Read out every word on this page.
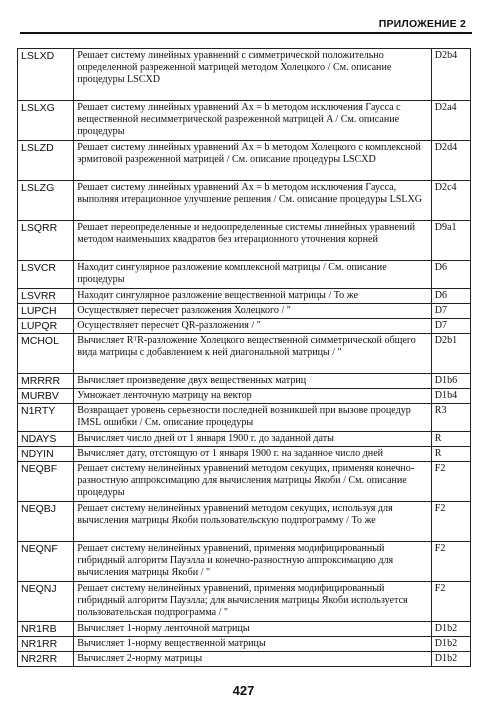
ПРИЛОЖЕНИЕ 2
LSLXD	Решает систему линейных уравнений с симметрической положительно определенной разреженной матрицей методом Холецкого / См. описание процедуры LSCXD	D2b4
LSLXG	Решает систему линейных уравнений Ax = b методом исключения Гаусса с вещественной несимметрической разреженной матрицей A / См. описание процедуры	D2a4
LSLZD	Решает систему линейных уравнений Ax = b методом Холецкого с комплексной эрмитовой разреженной матрицей / См. описание процедуры LSCXD	D2d4
LSLZG	Решает систему линейных уравнений Ax = b методом исключения Гаусса, выполняя итерационное улучшение решения / См. описание процедуры LSLXG	D2c4
LSQRR	Решает переопределенные и недоопределенные системы линейных уравнений методом наименьших квадратов без итерационного уточнения корней	D9a1
LSVCR	Находит сингулярное разложение комплексной матрицы / См. описание процедуры	D6
LSVRR	Находит сингулярное разложение вещественной матрицы / То же	D6
LUPCH	Осуществляет пересчет разложения Холецкого / "	D7
LUPQR	Осуществляет пересчет QR-разложения / "	D7
MCHOL	Вычисляет RᵀR-разложение Холецкого вещественной симметрической общего вида матрицы с добавлением к ней диагональной матрицы / "	D2b1
MRRRR	Вычисляет произведение двух вещественных матриц	D1b6
MURBV	Умножает ленточную матрицу на вектор	D1b4
N1RTY	Возвращает уровень серьезности последней возникшей при вызове процедур IMSL ошибки / См. описание процедуры	R3
NDAYS	Вычисляет число дней от 1 января 1900 г. до заданной даты	R
NDYIN	Вычисляет дату, отстоящую от 1 января 1900 г. на заданное число дней	R
NEQBF	Решает систему нелинейных уравнений методом секущих, применяя конечно-разностную аппроксимацию для вычисления матрицы Якоби / См. описание процедуры	F2
NEQBJ	Решает систему нелинейных уравнений методом секущих, используя для вычисления матрицы Якоби пользовательскую подпрограмму / То же	F2
NEQNF	Решает систему нелинейных уравнений, применяя модифицированный гибридный алгоритм Пауэлла и конечно-разностную аппроксимацию для вычисления матрицы Якоби / "	F2
NEQNJ	Решает систему нелинейных уравнений, применяя модифицированный гибридный алгоритм Пауэлла; для вычисления матрицы Якоби используется пользовательская подпрограмма / "	F2
NR1RB	Вычисляет 1-норму ленточной матрицы	D1b2
NR1RR	Вычисляет 1-норму вещественной матрицы	D1b2
NR2RR	Вычисляет 2-норму матрицы	D1b2
427
